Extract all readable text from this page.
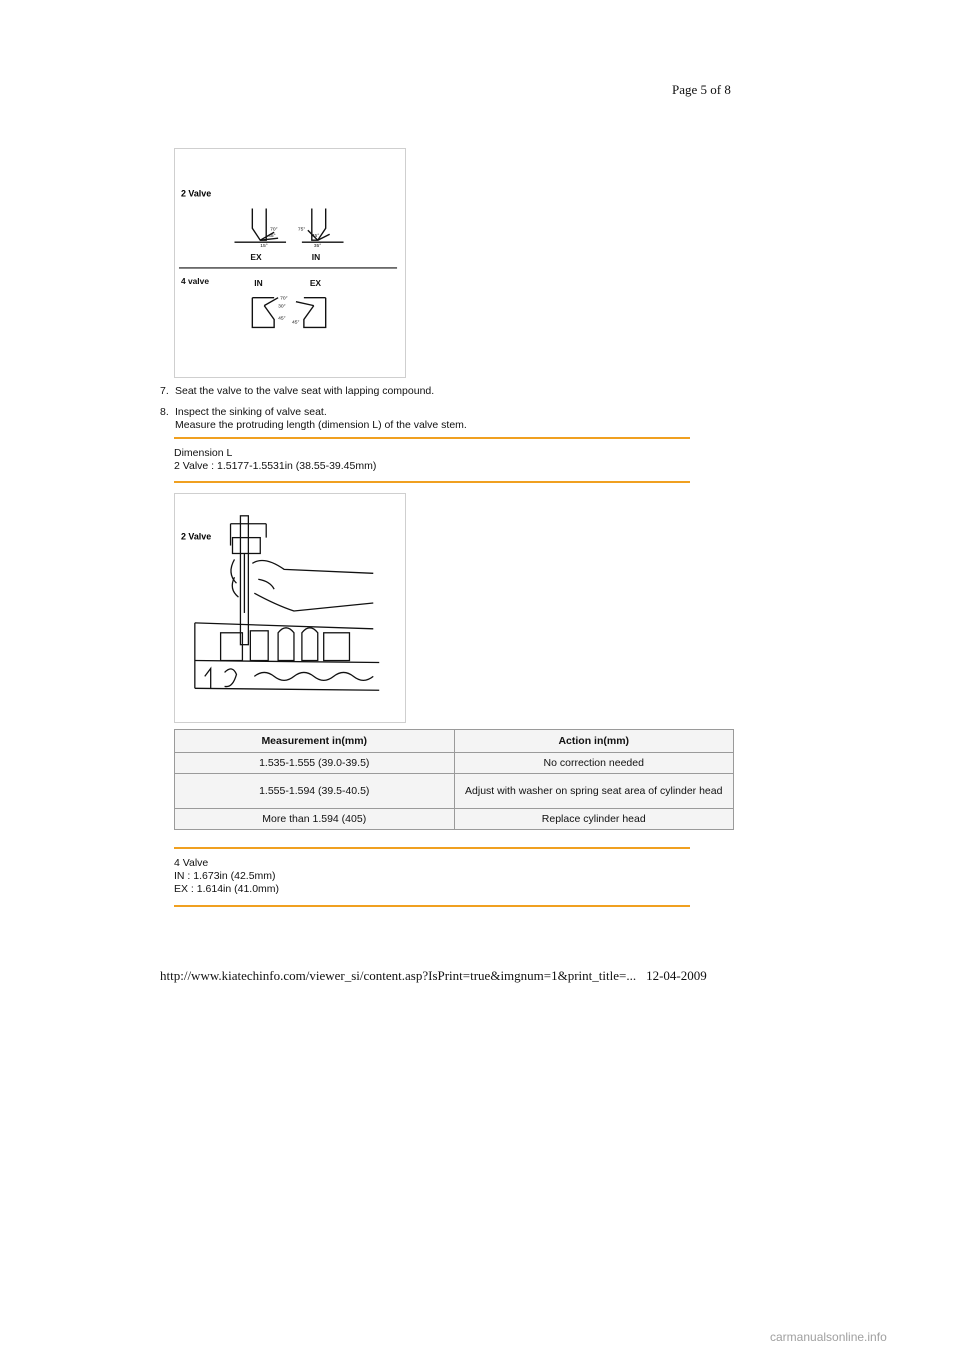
Page 5 of 8
2 Valve
70°
45°
15°
75°
45°
35°
70°
30°
45°
45°
EX	IN
4 valve	IN	EX
7. Seat the valve to the valve seat with lapping compound.
8. Inspect the sinking of valve seat.
Measure the protruding length (dimension L) of the valve stem.
Dimension L
2 Valve : 1.5177-1.5531in (38.55-39.45mm)
2 Valve
Measurement in(mm)	Action in(mm)
1.535-1.555 (39.0-39.5)	No correction needed
1.555-1.594 (39.5-40.5)	Adjust with washer on spring seat area of cylinder head
More than 1.594 (405)	Replace cylinder head
4 Valve
IN : 1.673in (42.5mm)
EX : 1.614in (41.0mm)
http://www.kiatechinfo.com/viewer_si/content.asp?IsPrint=true&imgnum=1&print_title=... 12-04-2009
carmanualsonline.info
